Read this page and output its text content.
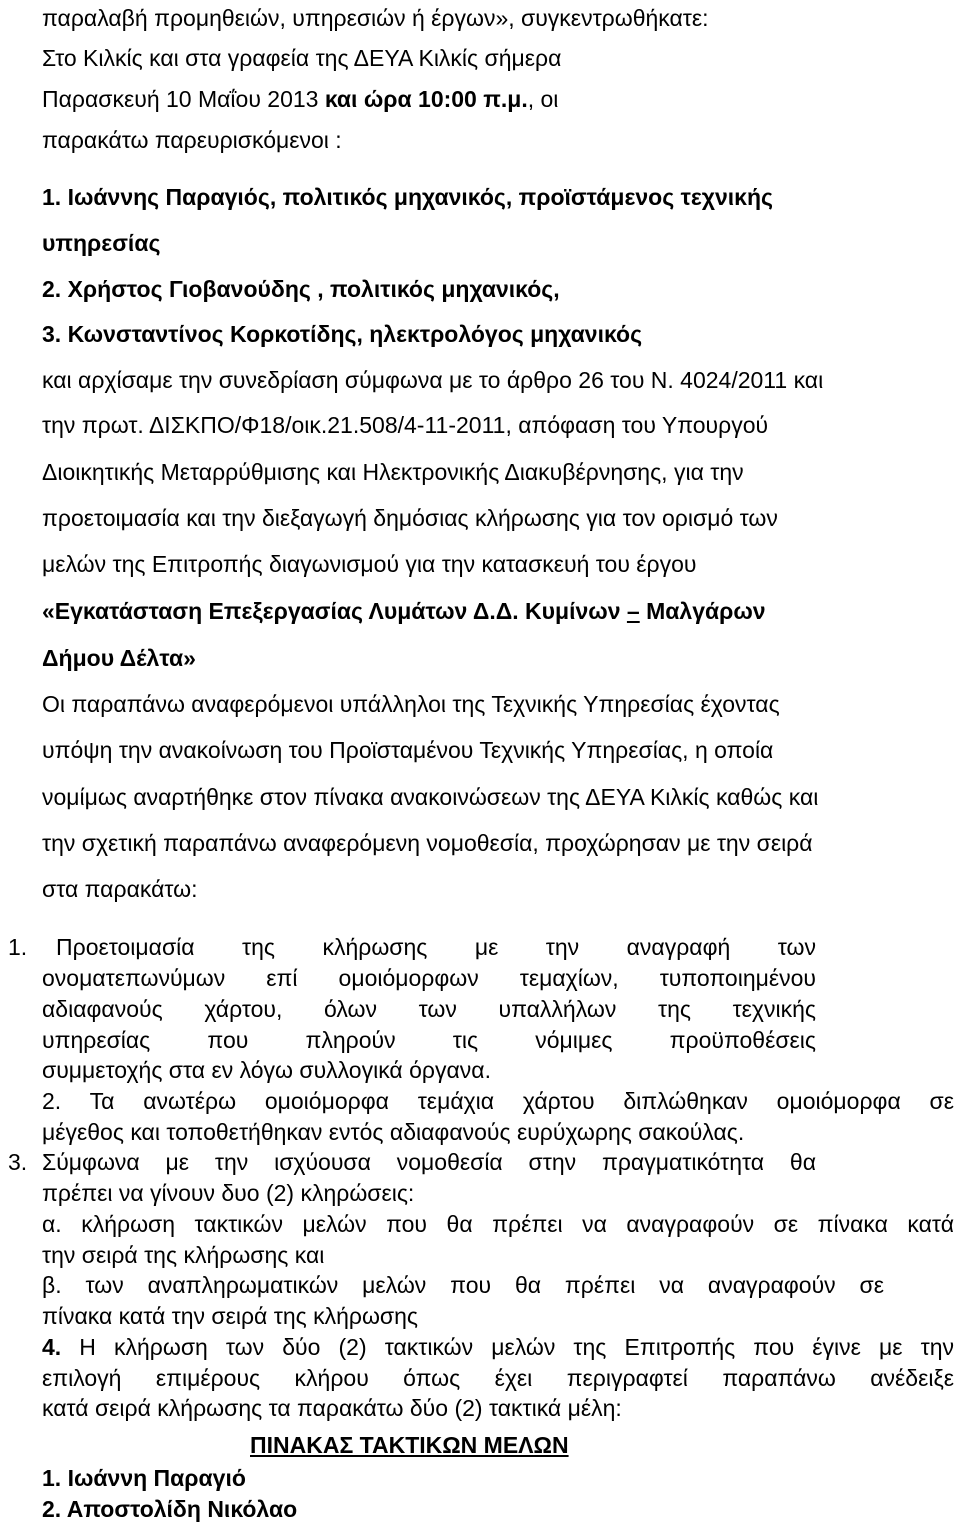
παραλαβή προμηθειών, υπηρεσιών ή έργων», συγκεντρωθήκατε:
Στο Κιλκίς και στα γραφεία της ΔΕΥΑ Κιλκίς σήμερα
Παρασκευή 10 Μαΐου 2013 και ώρα 10:00 π.μ., οι
παρακάτω παρευρισκόμενοι :
1. Ιωάννης Παραγιός, πολιτικός μηχανικός, προϊστάμενος τεχνικής
υπηρεσίας
2. Χρήστος Γιοβανούδης , πολιτικός μηχανικός,
3. Κωνσταντίνος Κορκοτίδης, ηλεκτρολόγος μηχανικός
και αρχίσαμε την συνεδρίαση σύμφωνα με το άρθρο 26 του Ν. 4024/2011 και
την πρωτ. ΔΙΣΚΠΟ/Φ18/οικ.21.508/4-11-2011, απόφαση του Υπουργού
Διοικητικής Μεταρρύθμισης και Ηλεκτρονικής Διακυβέρνησης, για την
προετοιμασία και την διεξαγωγή δημόσιας κλήρωσης για τον ορισμό των
μελών της Επιτροπής διαγωνισμού για την κατασκευή του έργου
«Εγκατάσταση Επεξεργασίας Λυμάτων Δ.Δ. Κυμίνων – Μαλγάρων
Δήμου Δέλτα»
Οι παραπάνω αναφερόμενοι υπάλληλοι της Τεχνικής Υπηρεσίας έχοντας
υπόψη την ανακοίνωση του Προϊσταμένου Τεχνικής Υπηρεσίας, η οποία
νομίμως αναρτήθηκε στον πίνακα ανακοινώσεων της ΔΕΥΑ Κιλκίς καθώς και
την σχετική παραπάνω αναφερόμενη νομοθεσία, προχώρησαν με την σειρά
στα παρακάτω:
1. Προετοιμασία της κλήρωσης με την αναγραφή των
ονοματεπωνύμων επί ομοιόμορφων τεμαχίων, τυποποιημένου
αδιαφανούς χάρτου, όλων των υπαλλήλων της τεχνικής
υπηρεσίας που πληρούν τις νόμιμες προϋποθέσεις
συμμετοχής στα εν λόγω συλλογικά όργανα.
2. Τα ανωτέρω ομοιόμορφα τεμάχια χάρτου διπλώθηκαν ομοιόμορφα σε
μέγεθος και τοποθετήθηκαν εντός αδιαφανούς ευρύχωρης σακούλας.
3. Σύμφωνα με την ισχύουσα νομοθεσία στην πραγματικότητα θα
πρέπει να γίνουν δυο (2) κληρώσεις:
α. κλήρωση τακτικών μελών που θα πρέπει να αναγραφούν σε πίνακα κατά
την σειρά της κλήρωσης και
β. των αναπληρωματικών μελών που θα πρέπει να αναγραφούν σε
πίνακα κατά την σειρά της κλήρωσης
4. Η κλήρωση των δύο (2) τακτικών μελών της Επιτροπής που έγινε με την
επιλογή επιμέρους κλήρου όπως έχει περιγραφτεί παραπάνω ανέδειξε
κατά σειρά κλήρωσης τα παρακάτω δύο (2) τακτικά μέλη:
ΠΙΝΑΚΑΣ ΤΑΚΤΙΚΩΝ ΜΕΛΩΝ
1. Ιωάννη Παραγιό
2. Αποστολίδη Νικόλαο
